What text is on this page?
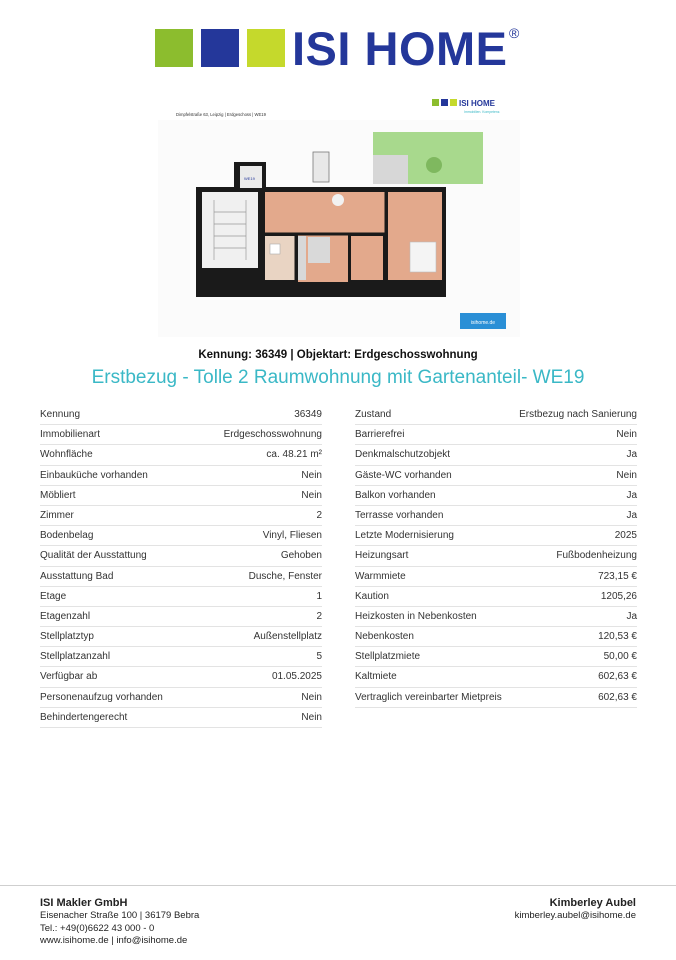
ISI HOME ®
Dimpfelstraße 63, Leipzig | Erdgeschoss | WE19
ISI HOME
Immobilien. Kompetenz.
WE19
isihome.de
Kennung: 36349 | Objektart: Erdgeschosswohnung
Erstbezug - Tolle 2 Raumwohnung mit Gartenanteil- WE19
Kennung	36349
Immobilienart	Erdgeschosswohnung
Wohnfläche	ca. 48.21 m²
Einbauküche vorhanden	Nein
Möbliert	Nein
Zimmer	2
Bodenbelag	Vinyl, Fliesen
Qualität der Ausstattung	Gehoben
Ausstattung Bad	Dusche, Fenster
Etage	1
Etagenzahl	2
Stellplatztyp	Außenstellplatz
Stellplatzanzahl	5
Verfügbar ab	01.05.2025
Personenaufzug vorhanden	Nein
Behindertengerecht	Nein
Zustand	Erstbezug nach Sanierung
Barrierefrei	Nein
Denkmalschutzobjekt	Ja
Gäste-WC vorhanden	Nein
Balkon vorhanden	Ja
Terrasse vorhanden	Ja
Letzte Modernisierung	2025
Heizungsart	Fußbodenheizung
Warmmiete	723,15 €
Kaution	1205,26
Heizkosten in Nebenkosten	Ja
Nebenkosten	120,53 €
Stellplatzmiete	50,00 €
Kaltmiete	602,63 €
Vertraglich vereinbarter Mietpreis	602,63 €
ISI Makler GmbH
Eisenacher Straße 100 | 36179 Bebra
Tel.: +49(0)6622 43 000 - 0
www.isihome.de | info@isihome.de
Kimberley Aubel
kimberley.aubel@isihome.de
